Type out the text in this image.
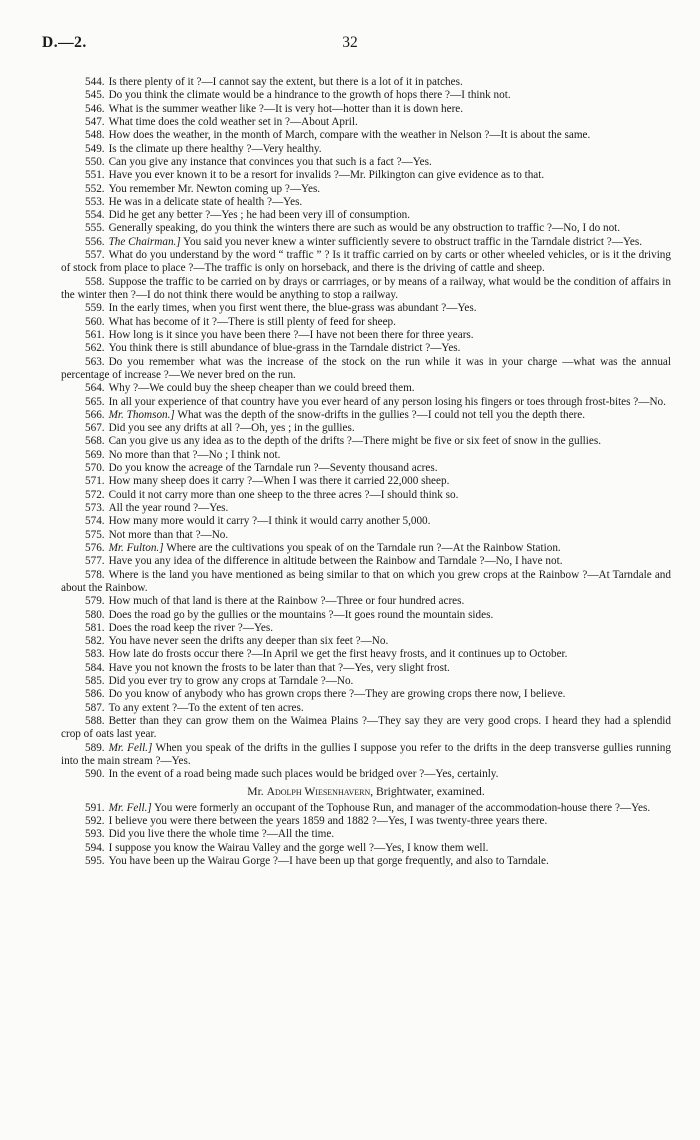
D.—2.	32

544. Is there plenty of it ?—I cannot say the extent, but there is a lot of it in patches.

545. Do you think the climate would be a hindrance to the growth of hops there ?—I think not.

546. What is the summer weather like ?—It is very hot—hotter than it is down here.

547. What time does the cold weather set in ?—About April.

548. How does the weather, in the month of March, compare with the weather in Nelson ?—It is about the same.

549. Is the climate up there healthy ?—Very healthy.

550. Can you give any instance that convinces you that such is a fact ?—Yes.

551. Have you ever known it to be a resort for invalids ?—Mr. Pilkington can give evidence as to that.

552. You remember Mr. Newton coming up ?—Yes.

553. He was in a delicate state of health ?—Yes.

554. Did he get any better ?—Yes ; he had been very ill of consumption.

555. Generally speaking, do you think the winters there are such as would be any obstruction to traffic ?—No, I do not.

556. The Chairman.] You said you never knew a winter sufficiently severe to obstruct traffic in the Tarndale district ?—Yes.

557. What do you understand by the word “ traffic ” ? Is it traffic carried on by carts or other wheeled vehicles, or is it the driving of stock from place to place ?—The traffic is only on horseback, and there is the driving of cattle and sheep.

558. Suppose the traffic to be carried on by drays or carrriages, or by means of a railway, what would be the condition of affairs in the winter then ?—I do not think there would be anything to stop a railway.

559. In the early times, when you first went there, the blue-grass was abundant ?—Yes.

560. What has become of it ?—There is still plenty of feed for sheep.

561. How long is it since you have been there ?—I have not been there for three years.

562. You think there is still abundance of blue-grass in the Tarndale district ?—Yes.

563. Do you remember what was the increase of the stock on the run while it was in your charge —what was the annual percentage of increase ?—We never bred on the run.

564. Why ?—We could buy the sheep cheaper than we could breed them.

565. In all your experience of that country have you ever heard of any person losing his fingers or toes through frost-bites ?—No.

566. Mr. Thomson.] What was the depth of the snow-drifts in the gullies ?—I could not tell you the depth there.

567. Did you see any drifts at all ?—Oh, yes ; in the gullies.

568. Can you give us any idea as to the depth of the drifts ?—There might be five or six feet of snow in the gullies.

569. No more than that ?—No ; I think not.

570. Do you know the acreage of the Tarndale run ?—Seventy thousand acres.

571. How many sheep does it carry ?—When I was there it carried 22,000 sheep.

572. Could it not carry more than one sheep to the three acres ?—I should think so.

573. All the year round ?—Yes.

574. How many more would it carry ?—I think it would carry another 5,000.

575. Not more than that ?—No.

576. Mr. Fulton.] Where are the cultivations you speak of on the Tarndale run ?—At the Rainbow Station.

577. Have you any idea of the difference in altitude between the Rainbow and Tarndale ?—No, I have not.

578. Where is the land you have mentioned as being similar to that on which you grew crops at the Rainbow ?—At Tarndale and about the Rainbow.

579. How much of that land is there at the Rainbow ?—Three or four hundred acres.

580. Does the road go by the gullies or the mountains ?—It goes round the mountain sides.

581. Does the road keep the river ?—Yes.

582. You have never seen the drifts any deeper than six feet ?—No.

583. How late do frosts occur there ?—In April we get the first heavy frosts, and it continues up to October.

584. Have you not known the frosts to be later than that ?—Yes, very slight frost.

585. Did you ever try to grow any crops at Tarndale ?—No.

586. Do you know of anybody who has grown crops there ?—They are growing crops there now, I believe.

587. To any extent ?—To the extent of ten acres.

588. Better than they can grow them on the Waimea Plains ?—They say they are very good crops. I heard they had a splendid crop of oats last year.

589. Mr. Fell.] When you speak of the drifts in the gullies I suppose you refer to the drifts in the deep transverse gullies running into the main stream ?—Yes.

590. In the event of a road being made such places would be bridged over ?—Yes, certainly.

Mr. Adolph Wiesenhavern, Brightwater, examined.

591. Mr. Fell.] You were formerly an occupant of the Tophouse Run, and manager of the accommodation-house there ?—Yes.

592. I believe you were there between the years 1859 and 1882 ?—Yes, I was twenty-three years there.

593. Did you live there the whole time ?—All the time.

594. I suppose you know the Wairau Valley and the gorge well ?—Yes, I know them well.

595. You have been up the Wairau Gorge ?—I have been up that gorge frequently, and also to Tarndale.
